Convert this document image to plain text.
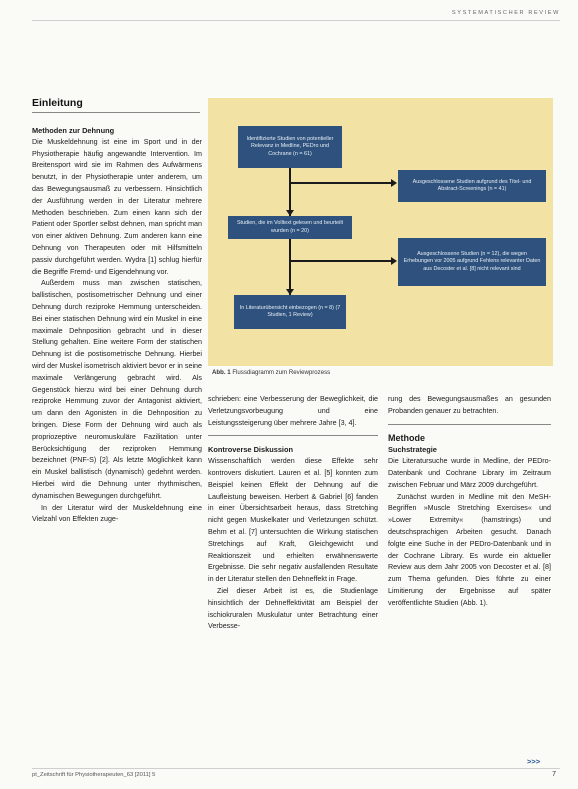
SYSTEMATISCHER REVIEW
Einleitung

Methoden zur Dehnung

Die Muskeldehnung ist eine im Sport und in der Physiotherapie häufig angewandte Intervention. Im Breitensport wird sie im Rahmen des Aufwärmens benutzt, in der Physiotherapie unter anderem, um das Bewegungsausmaß zu verbessern. Hinsichtlich der Ausführung werden in der Literatur mehrere Methoden beschrieben. Zum einen kann sich der Patient oder Sportler selbst dehnen, man spricht man von einer aktiven Dehnung. Zum anderen kann eine Dehnung von Therapeuten oder mit Hilfsmitteln passiv durchgeführt werden. Wydra [1] schlug hierfür die Begriffe Fremd- und Eigendehnung vor.

Außerdem muss man zwischen statischen, ballistischen, postisometrischer Dehnung und einer Dehnung durch reziproke Hemmung unterscheiden. Bei einer statischen Dehnung wird ein Muskel in eine maximale Dehnposition gebracht und in dieser Stellung gehalten. Eine weitere Form der statischen Dehnung ist die postisometrische Dehnung. Hierbei wird der Muskel isometrisch aktiviert bevor er in seine maximale Verlängerung gebracht wird. Als Gegenstück hierzu wird bei einer Dehnung durch reziproke Hemmung zuvor der Antagonist aktiviert, um dann den Agonisten in die Dehnposition zu bringen. Diese Form der Dehnung wird auch als propriozeptive neuromuskuläre Fazilitation unter Berücksichtigung der reziproken Hemmung bezeichnet (PNF-S) [2]. Als letzte Möglichkeit kann ein Muskel ballistisch (dynamisch) gedehnt werden. Hierbei wird die Dehnung unter rhythmischen, dynamischen Bewegungen durchgeführt.

In der Literatur wird der Muskeldehnung eine Vielzahl von Effekten zuge-

Identifizierte Studien von potentieller Relevanz in Medline, PEDro und Cochrane (n = 61)
Ausgeschlossene Studien aufgrund des Titel- und Abstract-Screenings (n = 41)
Studien, die im Volltext gelesen und beurteilt wurden (n = 20)
Ausgeschlossene Studien (n = 12), die wegen Erhebungen vor 2005 aufgrund Fehlens relevanter Daten aus Decoster et al. [8] nicht relevant sind
In Literaturübersicht einbezogen (n = 8) (7 Studien, 1 Review)
Abb. 1 Flussdiagramm zum Reviewprozess

schrieben: eine Verbesserung der Beweglichkeit, die Verletzungsvorbeugung und eine Leistungssteigerung über mehrere Jahre [3, 4].

Kontroverse Diskussion

Wissenschaftlich werden diese Effekte sehr kontrovers diskutiert. Lauren et al. [5] konnten zum Beispiel keinen Effekt der Dehnung auf die Laufleistung beweisen. Herbert & Gabriel [6] fanden in einer Übersichtsarbeit heraus, dass Stretching nicht gegen Muskelkater und Verletzungen schützt. Behm et al. [7] untersuchten die Wirkung statischen Stretchings auf Kraft, Gleichgewicht und Reaktionszeit und erhielten erwähnenswerte Ergebnisse. Die sehr negativ ausfallenden Resultate in der Literatur stellen den Dehneffekt in Frage.

Ziel dieser Arbeit ist es, die Studienlage hinsichtlich der Dehneffektivität am Beispiel der ischiokruralen Muskulatur unter Betrachtung einer Verbesse-

rung des Bewegungsausmaßes an gesunden Probanden genauer zu betrachten.

Methode

Suchstrategie

Die Literatursuche wurde in Medline, der PEDro-Datenbank und Cochrane Library im Zeitraum zwischen Februar und März 2009 durchgeführt.

Zunächst wurden in Medline mit den MeSH-Begriffen »Muscle Stretching Exercises« und »Lower Extremity« (hamstrings) und deutschsprachigen Arbeiten gesucht. Danach folgte eine Suche in der PEDro-Datenbank und in der Cochrane Library. Es wurde ein aktueller Review aus dem Jahr 2005 von Decoster et al. [8] zum Thema gefunden. Dies führte zu einer Limitierung der Ergebnisse auf später veröffentlichte Studien (Abb. 1).

>>>
pt_Zeitschrift für Physiotherapeuten_63 [2011] 5	7
